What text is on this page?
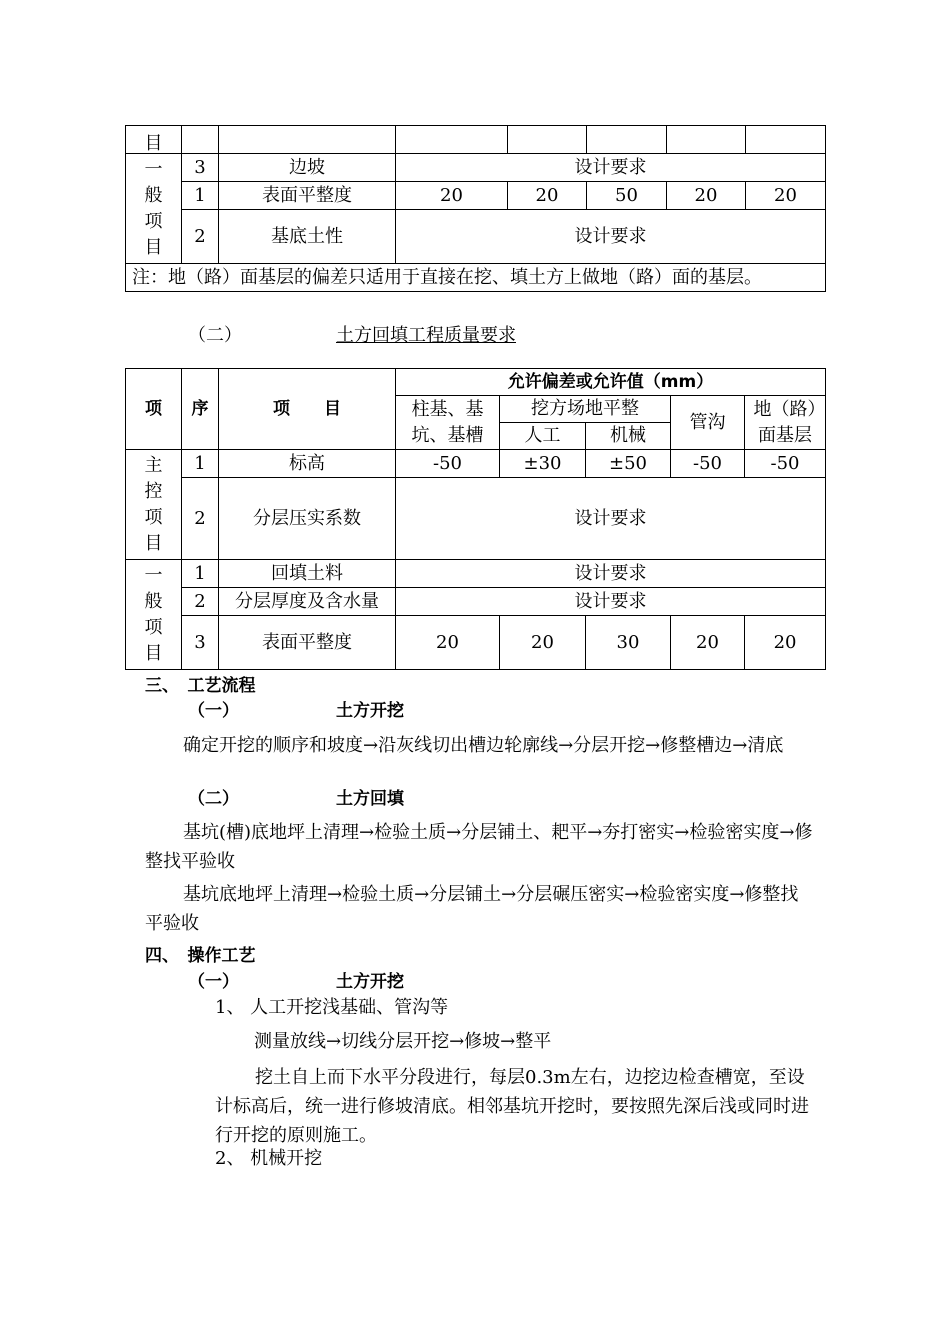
目							
一般项目	3	边坡	设计要求				
	1	表面平整度	20	20	50	20	20
	2	基底土性	设计要求				
注：地（路）面基层的偏差只适用于直接在挖、填土方上做地（路）面的基层。							
（二）	土方回填工程质量要求
项	序	项　　目	允许偏差或允许值（mm）				
			柱基、基坑、基槽	挖方场地平整		管沟	地（路）面基层
				人工	机械		
主控项目	1	标高	-50	±30	±50	-50	-50
	2	分层压实系数	设计要求				
一般项目	1	回填土料	设计要求				
	2	分层厚度及含水量	设计要求				
	3	表面平整度	20	20	30	20	20
三、　工艺流程
（一）	土方开挖
确定开挖的顺序和坡度→沿灰线切出槽边轮廓线→分层开挖→修整槽边→清底
（二）	土方回填
基坑(槽)底地坪上清理→检验土质→分层铺土、耙平→夯打密实→检验密实度→修整找平验收
基坑底地坪上清理→检验土质→分层铺土→分层碾压密实→检验密实度→修整找平验收
四、　操作工艺
（一）	土方开挖
1、 人工开挖浅基础、管沟等
测量放线→切线分层开挖→修坡→整平
挖土自上而下水平分段进行，每层0.3m左右，边挖边检查槽宽，至设计标高后，统一进行修坡清底。相邻基坑开挖时，要按照先深后浅或同时进行开挖的原则施工。
2、 机械开挖
